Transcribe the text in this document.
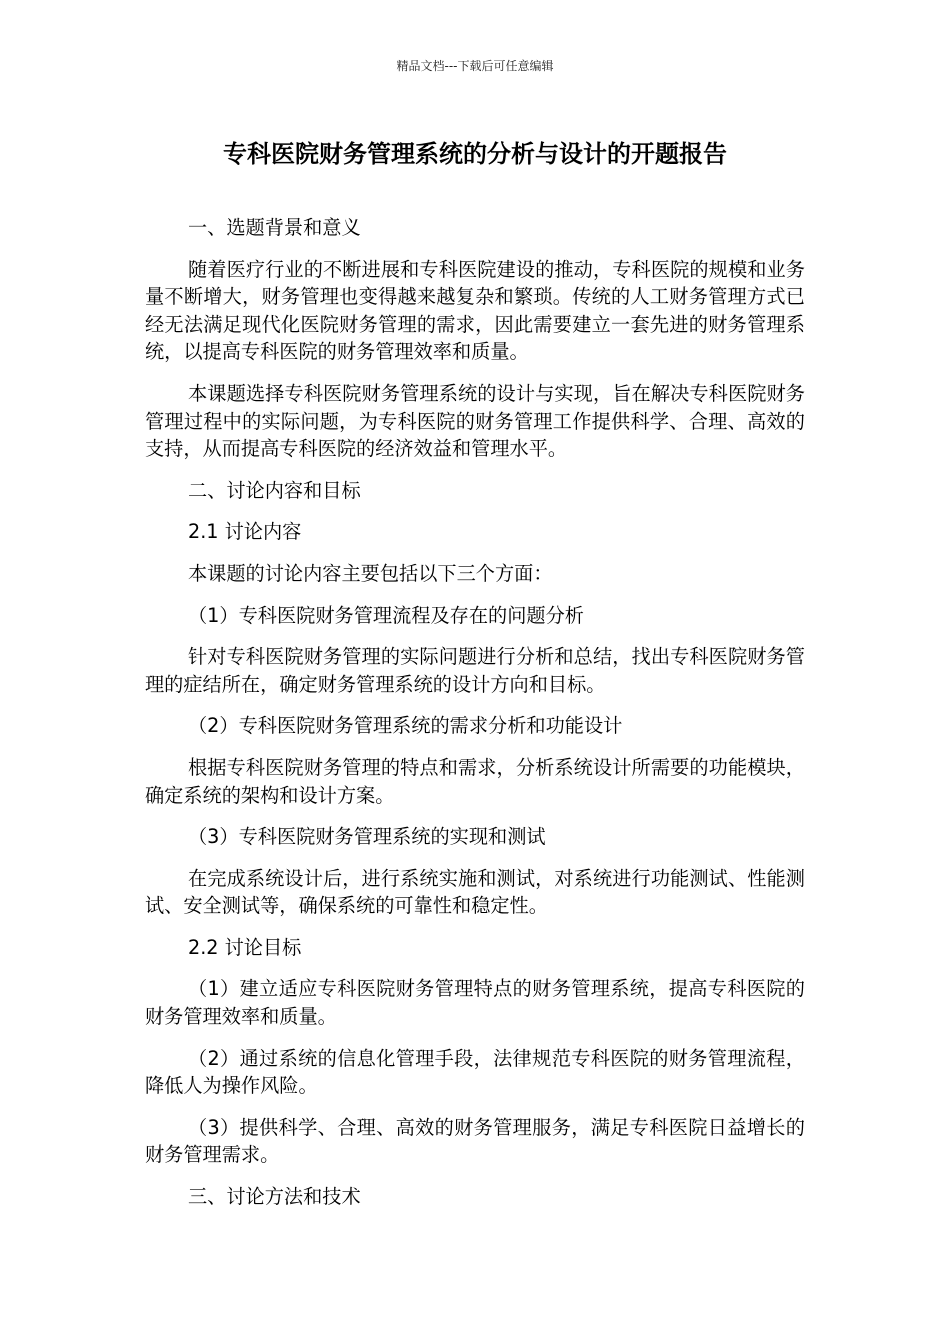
精品文档---下载后可任意编辑
专科医院财务管理系统的分析与设计的开题报告

一、选题背景和意义

随着医疗行业的不断进展和专科医院建设的推动，专科医院的规模和业务量不断增大，财务管理也变得越来越复杂和繁琐。传统的人工财务管理方式已经无法满足现代化医院财务管理的需求，因此需要建立一套先进的财务管理系统，以提高专科医院的财务管理效率和质量。

本课题选择专科医院财务管理系统的设计与实现，旨在解决专科医院财务管理过程中的实际问题，为专科医院的财务管理工作提供科学、合理、高效的支持，从而提高专科医院的经济效益和管理水平。

二、讨论内容和目标

2.1 讨论内容

本课题的讨论内容主要包括以下三个方面：

（1）专科医院财务管理流程及存在的问题分析

针对专科医院财务管理的实际问题进行分析和总结，找出专科医院财务管理的症结所在，确定财务管理系统的设计方向和目标。

（2）专科医院财务管理系统的需求分析和功能设计

根据专科医院财务管理的特点和需求，分析系统设计所需要的功能模块，确定系统的架构和设计方案。

（3）专科医院财务管理系统的实现和测试

在完成系统设计后，进行系统实施和测试，对系统进行功能测试、性能测试、安全测试等，确保系统的可靠性和稳定性。

2.2 讨论目标

（1）建立适应专科医院财务管理特点的财务管理系统，提高专科医院的财务管理效率和质量。

（2）通过系统的信息化管理手段，法律规范专科医院的财务管理流程，降低人为操作风险。

（3）提供科学、合理、高效的财务管理服务，满足专科医院日益增长的财务管理需求。

三、讨论方法和技术
